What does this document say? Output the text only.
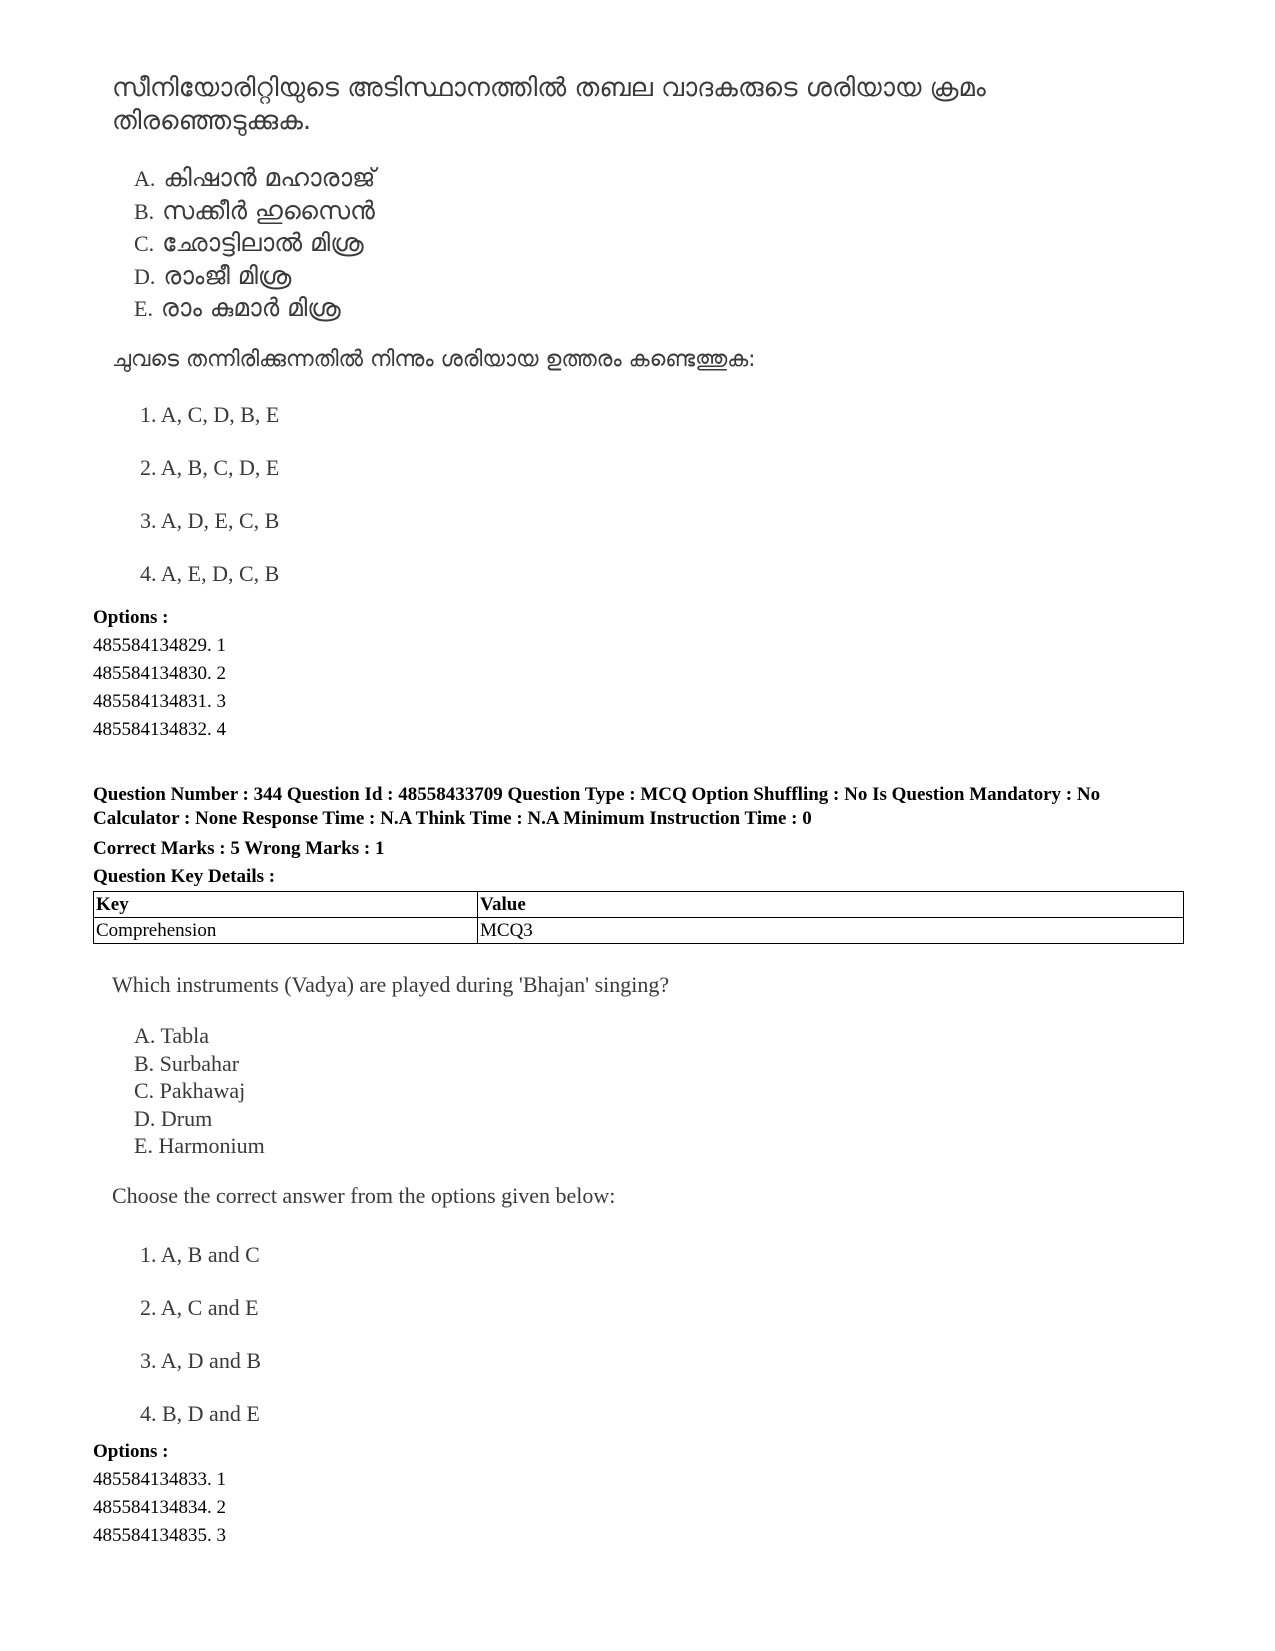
സീനിയോരിറ്റിയുടെ അടിസ്ഥാനത്തിൽ തബല വാദകരുടെ ശരിയായ ക്രമം തിരഞ്ഞെടുക്കുക.
A. കിഷാൻ മഹാരാജ്
B. സക്കീർ ഹുസൈൻ
C. ഛോട്ടിലാൽ മിശ്ര
D. രാംജീ മിശ്ര
E. രാം കുമാർ മിശ്ര
ചുവടെ തന്നിരിക്കുന്നതിൽ നിന്നും ശരിയായ ഉത്തരം കണ്ടെത്തുക:
1. A, C, D, B, E
2. A, B, C, D, E
3. A, D, E, C, B
4. A, E, D, C, B
Options :
485584134829. 1
485584134830. 2
485584134831. 3
485584134832. 4
Question Number : 344 Question Id : 48558433709 Question Type : MCQ Option Shuffling : No Is Question Mandatory : No Calculator : None Response Time : N.A Think Time : N.A Minimum Instruction Time : 0
Correct Marks : 5 Wrong Marks : 1
Question Key Details :
Key	Value
Comprehension	MCQ3
Which instruments (Vadya) are played during 'Bhajan' singing?
A. Tabla
B. Surbahar
C. Pakhawaj
D. Drum
E. Harmonium
Choose the correct answer from the options given below:
1. A, B and C
2. A, C and E
3. A, D and B
4. B, D and E
Options :
485584134833. 1
485584134834. 2
485584134835. 3
